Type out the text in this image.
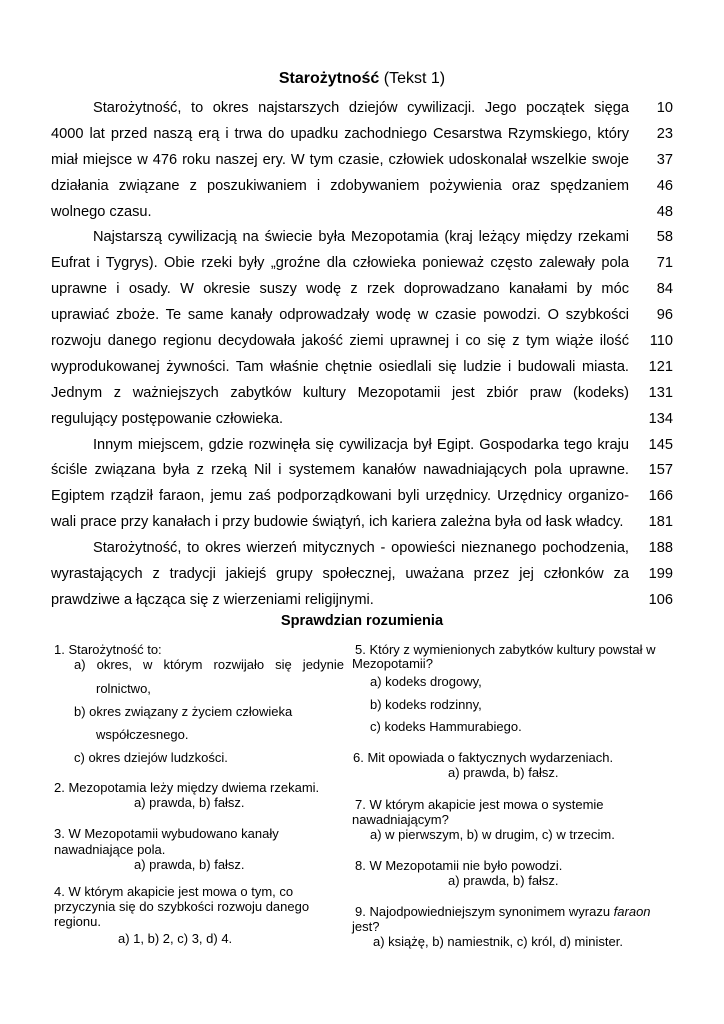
Starożytność (Tekst 1)
Starożytność, to okres najstarszych dziejów cywilizacji. Jego początek sięga	10
4000 lat przed naszą erą i trwa do upadku zachodniego Cesarstwa Rzymskiego, który	23
miał miejsce w 476 roku naszej ery. W tym czasie, człowiek udoskonalał wszelkie swoje	37
działania związane z poszukiwaniem i zdobywaniem pożywienia oraz spędzaniem	46
wolnego czasu.	48
Najstarszą cywilizacją na świecie była Mezopotamia (kraj leżący między rzekami	58
Eufrat i Tygrys). Obie rzeki były „groźne dla człowieka ponieważ często zalewały pola	71
uprawne i osady. W okresie suszy wodę z rzek doprowadzano kanałami by móc	84
uprawiać zboże. Te same kanały odprowadzały wodę w czasie powodzi. O szybkości	96
rozwoju danego regionu decydowała jakość ziemi uprawnej i co się z tym wiąże ilość	110
wyprodukowanej żywności. Tam właśnie chętnie osiedlali się ludzie i budowali miasta.	121
Jednym z ważniejszych zabytków kultury Mezopotamii jest zbiór praw (kodeks)	131
regulujący postępowanie człowieka.	134
Innym miejscem, gdzie rozwinęła się cywilizacja był Egipt. Gospodarka tego kraju	145
ściśle związana była z rzeką Nil i systemem kanałów nawadniających pola uprawne.	157
Egiptem rządził faraon, jemu zaś podporządkowani byli urzędnicy. Urzędnicy organizo-	166
wali prace przy kanałach i przy budowie świątyń, ich kariera zależna była od łask władcy.	181
Starożytność, to okres wierzeń mitycznych - opowieści nieznanego pochodzenia,	188
wyrastających z tradycji jakiejś grupy społecznej, uważana przez jej członków za	199
prawdziwe a łącząca się z wierzeniami religijnymi.	106
Sprawdzian rozumienia
1. Starożytność to:
a) okres, w którym rozwijało się jedynie
rolnictwo,
b) okres związany z życiem człowieka
współczesnego.
c) okres dziejów ludzkości.
2. Mezopotamia leży między dwiema rzekami.
a) prawda, b) fałsz.
3. W Mezopotamii wybudowano kanały
nawadniające pola.
a) prawda, b) fałsz.
4. W którym akapicie jest mowa o tym, co
przyczynia się do szybkości rozwoju danego
regionu.
a) 1, b) 2, c) 3, d) 4.
5. Który z wymienionych zabytków kultury powstał w
Mezopotamii?
a) kodeks drogowy,
b) kodeks rodzinny,
c) kodeks Hammurabiego.
6. Mit opowiada o faktycznych wydarzeniach.
a) prawda, b) fałsz.
7. W którym akapicie jest mowa o systemie
nawadniającym?
a) w pierwszym, b) w drugim, c) w trzecim.
8. W Mezopotamii nie było powodzi.
a) prawda, b) fałsz.
9. Najodpowiedniejszym synonimem wyrazu faraon
jest?
a) książę, b) namiestnik, c) król, d) minister.
